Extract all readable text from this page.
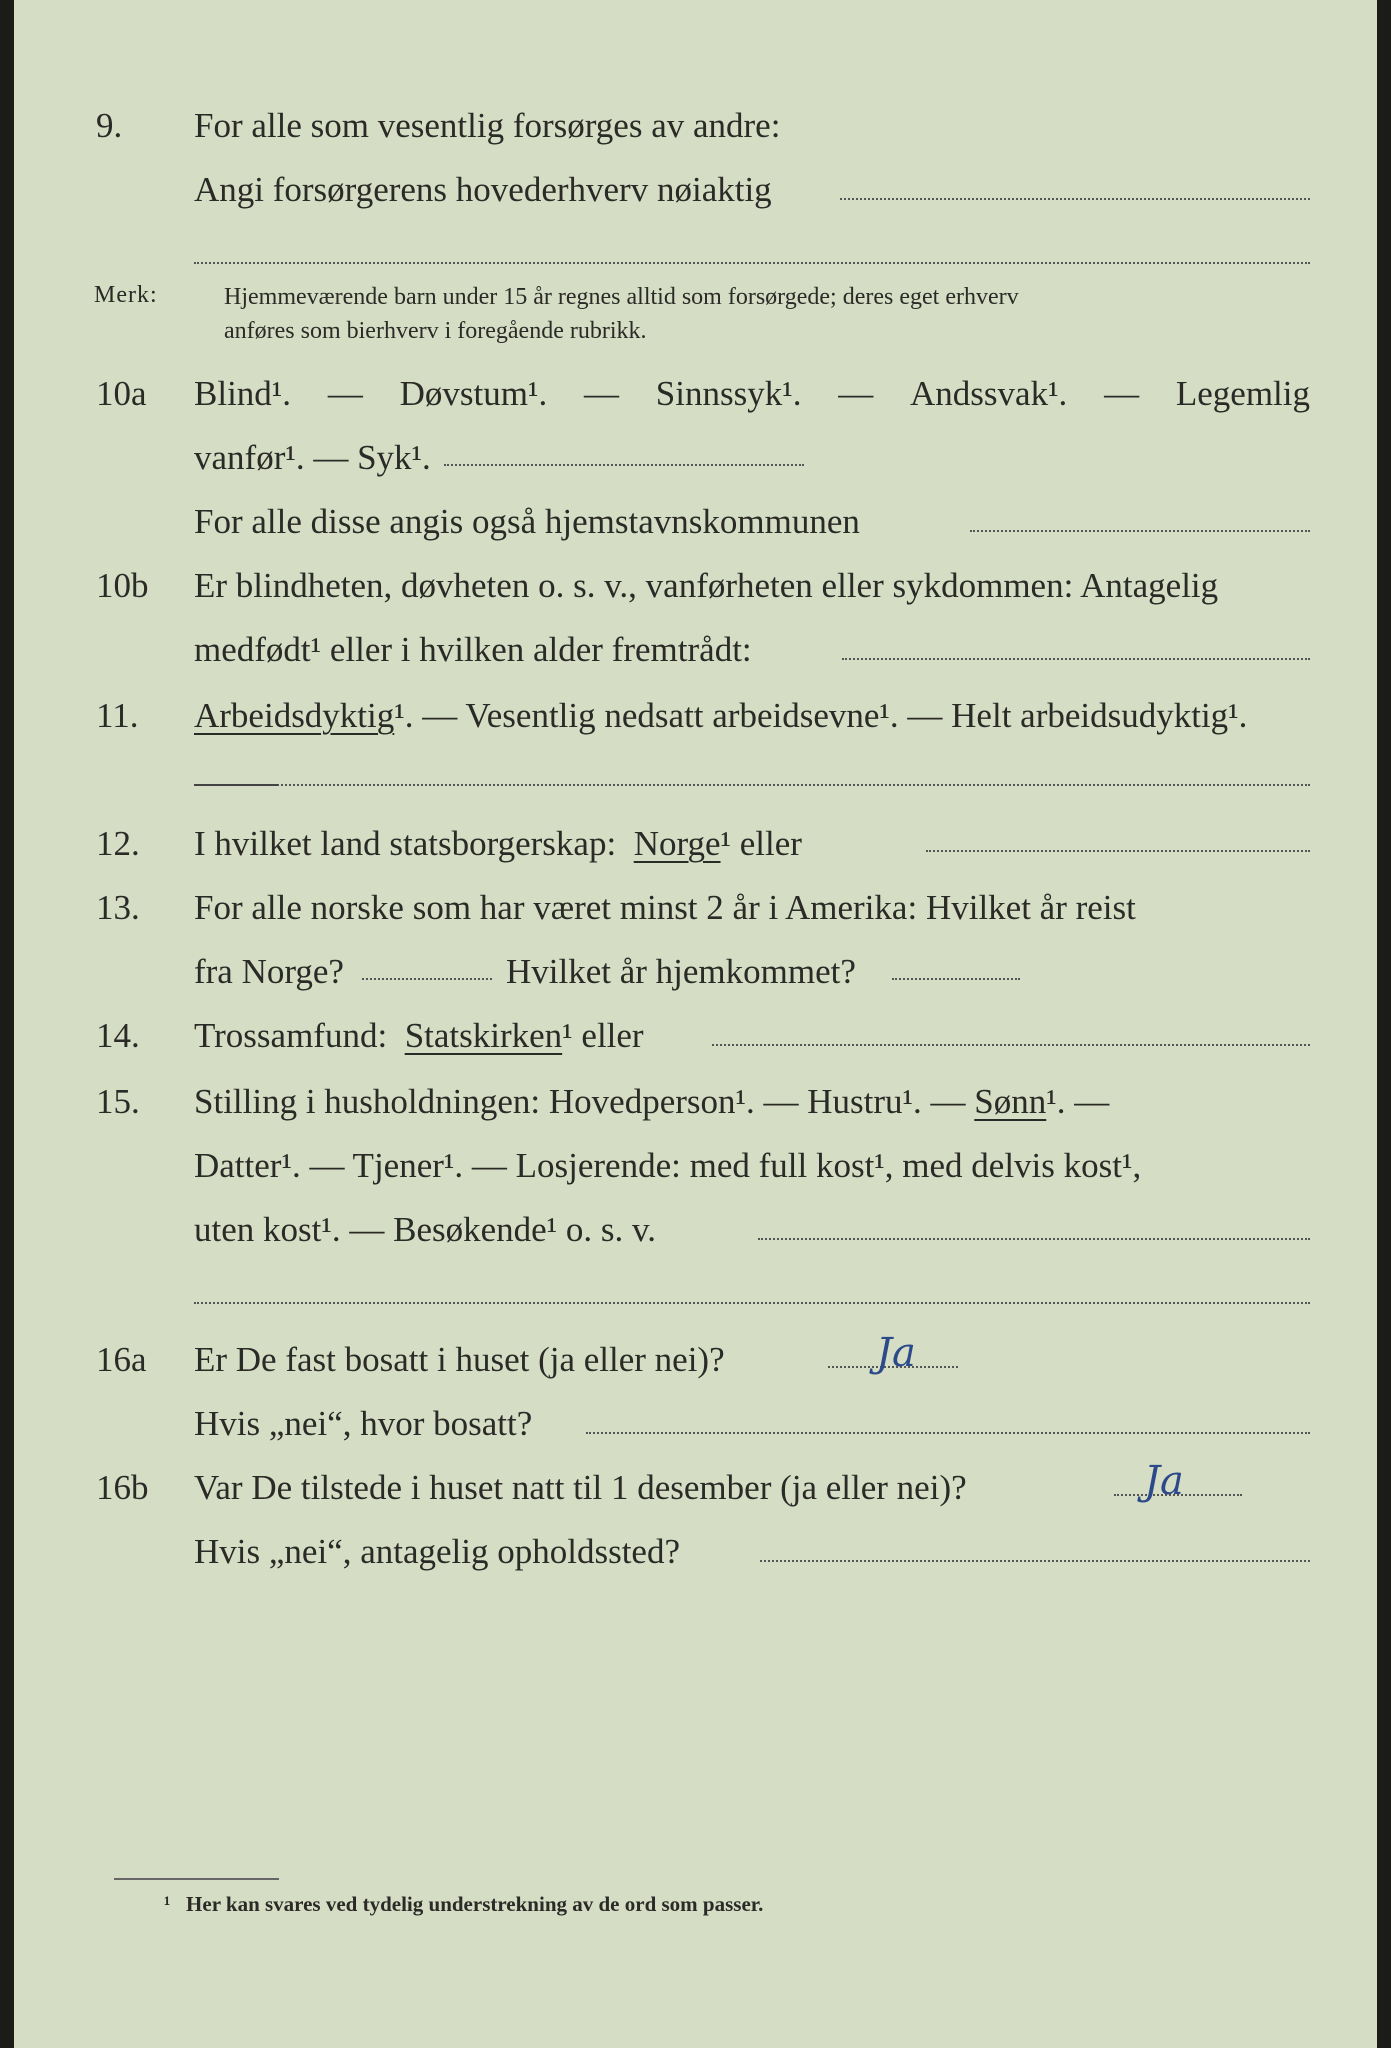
9. For alle som vesentlig forsørges av andre:
Angi forsørgerens hovederhverv nøiaktig
Merk:	Hjemmeværende barn under 15 år regnes alltid som forsørgede; deres eget erhverv
anføres som bierhverv i foregående rubrikk.
10a Blind¹. — Døvstum¹. — Sinnssyk¹. — Andssvak¹. — Legemlig
vanfør¹. — Syk¹.
For alle disse angis også hjemstavnskommunen
10b Er blindheten, døvheten o. s. v., vanførheten eller sykdommen: Antagelig
medfødt¹ eller i hvilken alder fremtrådt:
11. Arbeidsdyktig¹. — Vesentlig nedsatt arbeidsevne¹. — Helt arbeidsudyktig¹.
12. I hvilket land statsborgerskap: Norge¹ eller
13. For alle norske som har været minst 2 år i Amerika: Hvilket år reist
fra Norge?	Hvilket år hjemkommet?
14. Trossamfund: Statskirken¹ eller
15. Stilling i husholdningen: Hovedperson¹. — Hustru¹. — Sønn¹. —
Datter¹. — Tjener¹. — Losjerende: med full kost¹, med delvis kost¹,
uten kost¹. — Besøkende¹ o. s. v.
16a Er De fast bosatt i huset (ja eller nei)?	Ja
Hvis „nei“, hvor bosatt?
16b Var De tilstede i huset natt til 1 desember (ja eller nei)?	Ja
Hvis „nei“, antagelig opholdssted?
¹ Her kan svares ved tydelig understrekning av de ord som passer.
